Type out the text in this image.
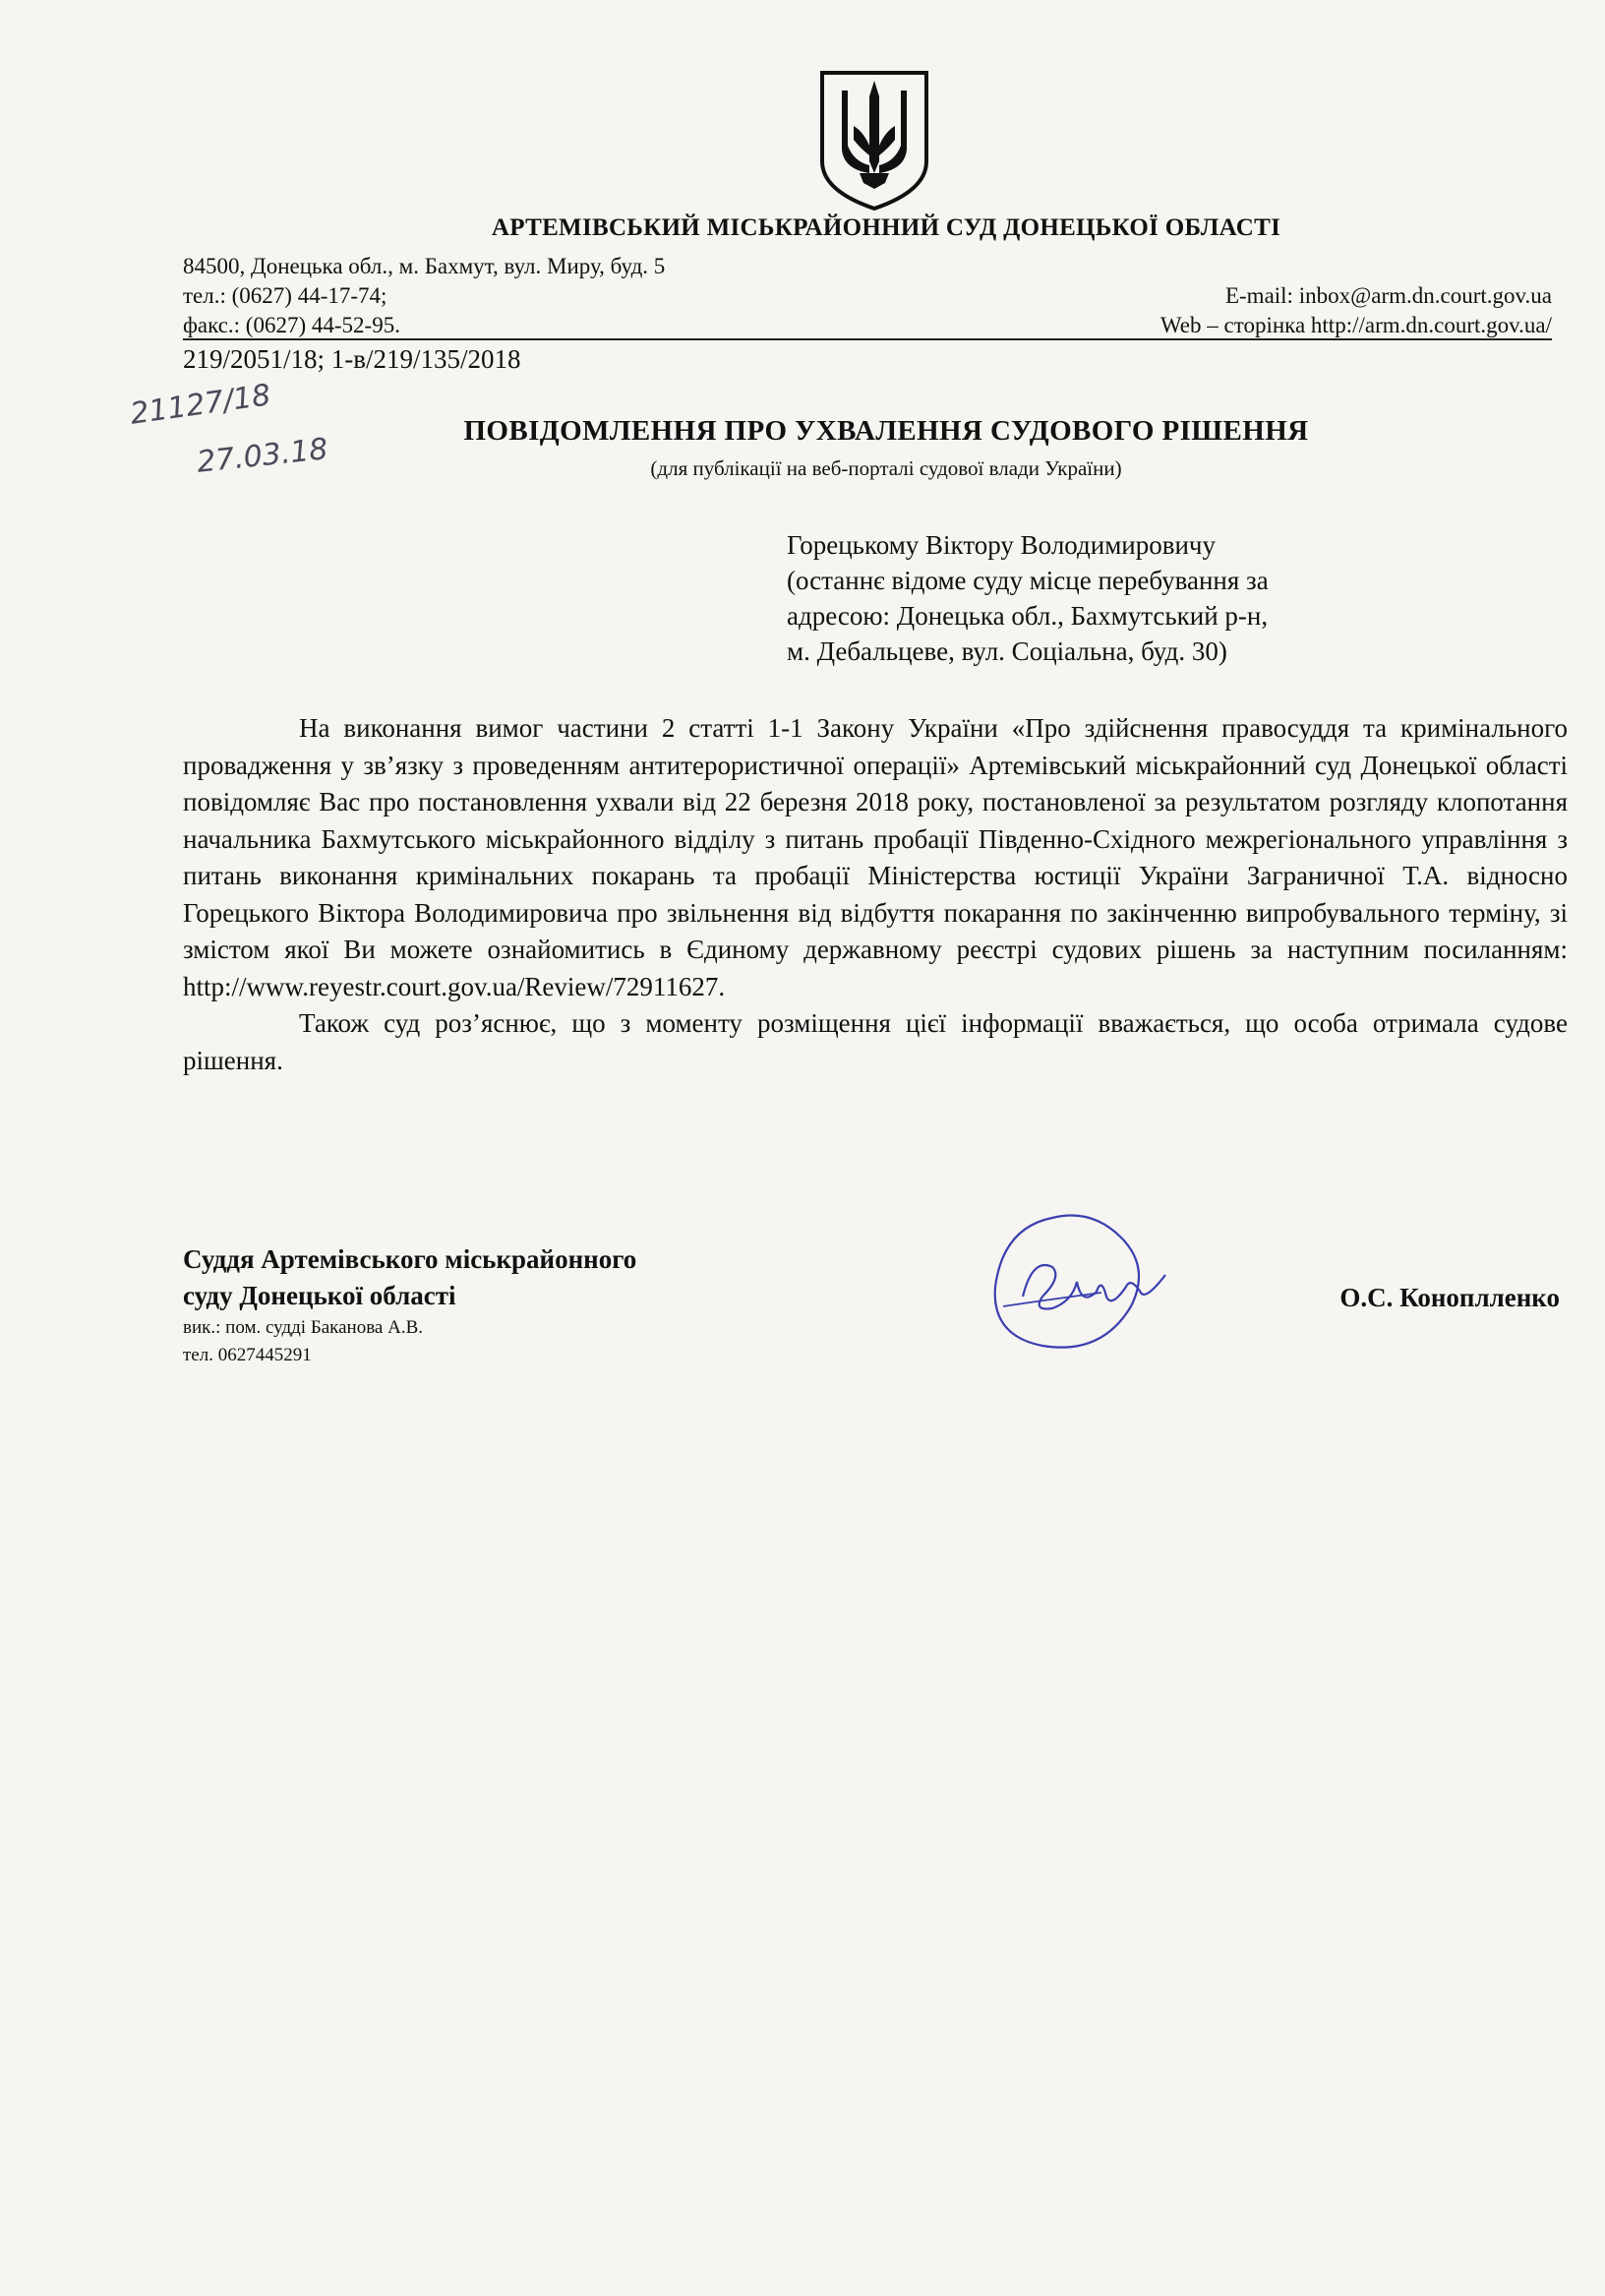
АРТЕМІВСЬКИЙ МІСЬКРАЙОННИЙ СУД ДОНЕЦЬКОЇ ОБЛАСТІ
84500, Донецька обл., м. Бахмут, вул. Миру, буд. 5
тел.: (0627) 44-17-74;	E-mail: inbox@arm.dn.court.gov.ua
факс.: (0627) 44-52-95.	Web – сторінка http://arm.dn.court.gov.ua/
219/2051/18; 1-в/219/135/2018
21127/18
27.03.18
ПОВІДОМЛЕННЯ ПРО УХВАЛЕННЯ СУДОВОГО РІШЕННЯ
(для публікації на веб-порталі судової влади України)
Горецькому Віктору Володимировичу
(останнє відоме суду місце перебування за
адресою: Донецька обл., Бахмутський р-н,
м. Дебальцеве, вул. Соціальна, буд. 30)

На виконання вимог частини 2 статті 1-1 Закону України «Про здійснення правосуддя та кримінального провадження у зв’язку з проведенням антитерористичної операції» Артемівський міськрайонний суд Донецької області повідомляє Вас про постановлення ухвали від 22 березня 2018 року, постановленої за результатом розгляду клопотання начальника Бахмутського міськрайонного відділу з питань пробації Південно-Східного межрегіонального управління з питань виконання кримінальних покарань та пробації Міністерства юстиції України Заграничної Т.А. відносно Горецького Віктора Володимировича про звільнення від відбуття покарання по закінченню випробувального терміну, зі змістом якої Ви можете ознайомитись в Єдиному державному реєстрі судових рішень за наступним посиланням: http://www.reyestr.court.gov.ua/Review/72911627.

Також суд роз’яснює, що з моменту розміщення цієї інформації вважається, що особа отримала судове рішення.

Суддя Артемівського міськрайонного
суду Донецької області
вик.: пом. судді Баканова А.В.
тел. 0627445291
О.С. Коноплленко
